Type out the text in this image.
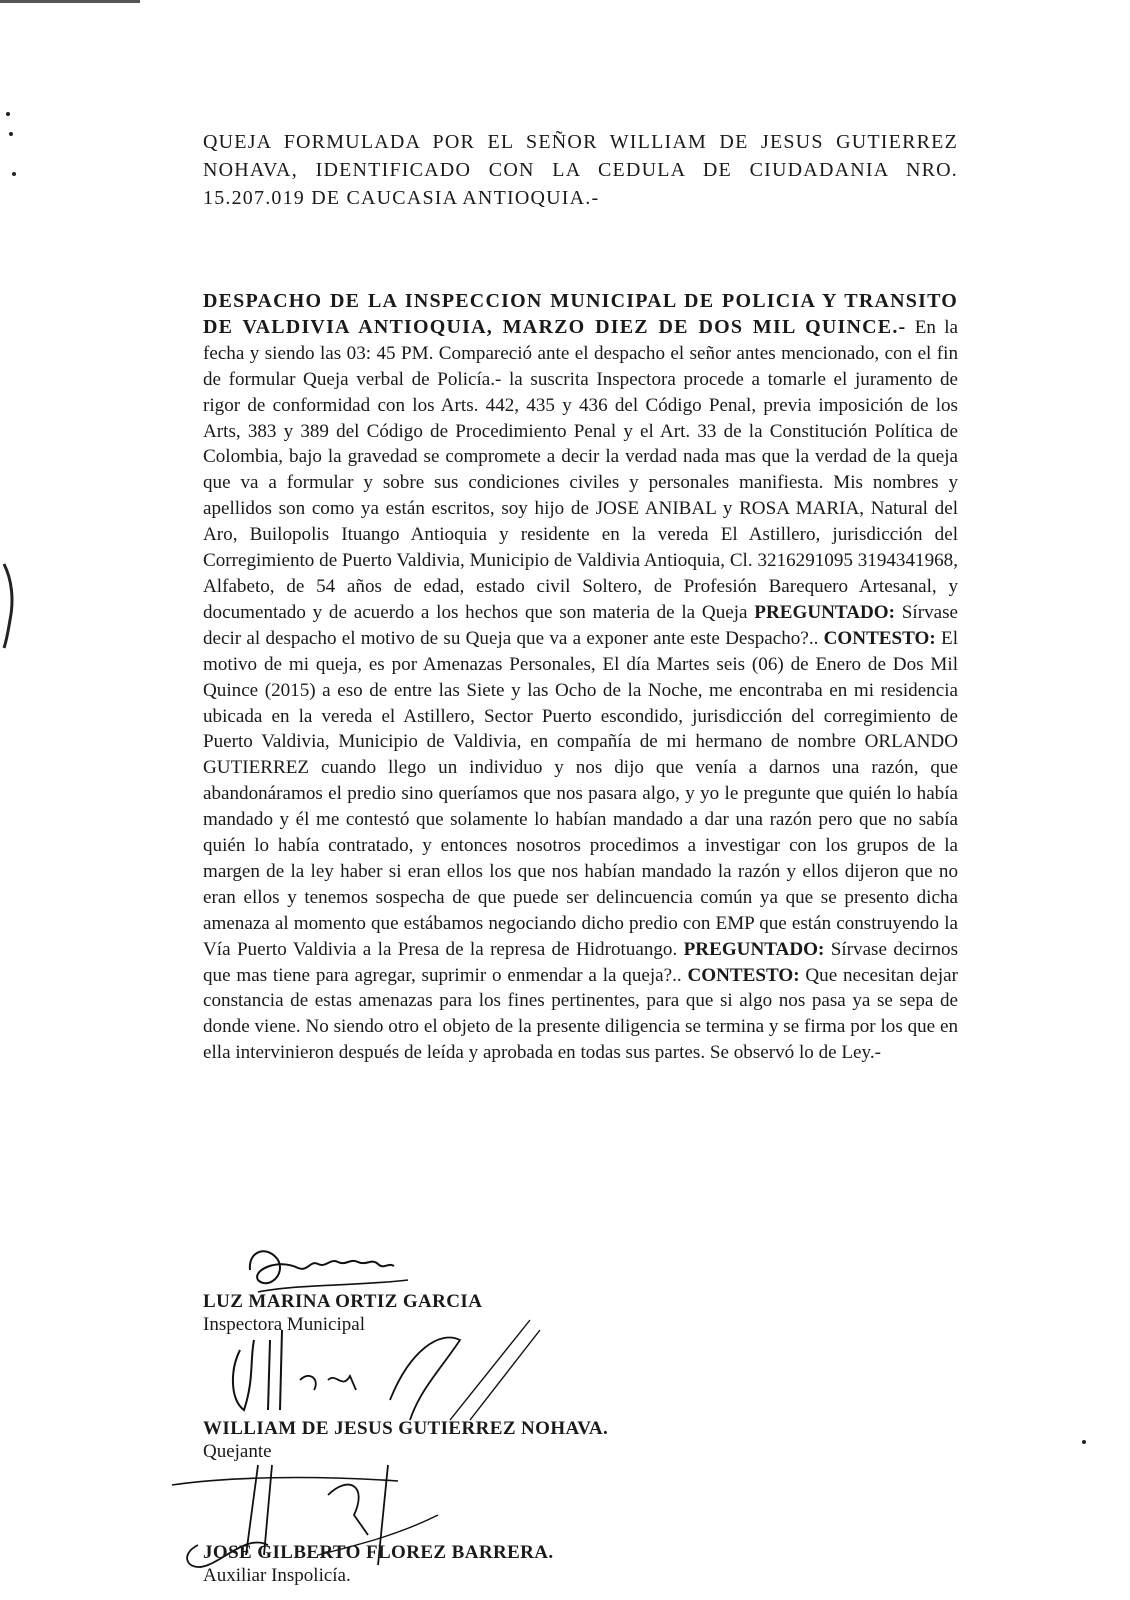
QUEJA FORMULADA POR EL SEÑOR WILLIAM DE JESUS GUTIERREZ NOHAVA, IDENTIFICADO CON LA CEDULA DE CIUDADANIA NRO. 15.207.019 DE CAUCASIA ANTIOQUIA.-

DESPACHO DE LA INSPECCION MUNICIPAL DE POLICIA Y TRANSITO DE VALDIVIA ANTIOQUIA, MARZO DIEZ DE DOS MIL QUINCE.- En la fecha y siendo las 03: 45 PM. Compareció ante el despacho el señor antes mencionado, con el fin de formular Queja verbal de Policía.- la suscrita Inspectora procede a tomarle el juramento de rigor de conformidad con los Arts. 442, 435 y 436 del Código Penal, previa imposición de los Arts, 383 y 389 del Código de Procedimiento Penal y el Art. 33 de la Constitución Política de Colombia, bajo la gravedad se compromete a decir la verdad nada mas que la verdad de la queja que va a formular y sobre sus condiciones civiles y personales manifiesta. Mis nombres y apellidos son como ya están escritos, soy hijo de JOSE ANIBAL y ROSA MARIA, Natural del Aro, Builopolis Ituango Antioquia y residente en la vereda El Astillero, jurisdicción del Corregimiento de Puerto Valdivia, Municipio de Valdivia Antioquia, Cl. 3216291095 3194341968, Alfabeto, de 54 años de edad, estado civil Soltero, de Profesión Barequero Artesanal, y documentado y de acuerdo a los hechos que son materia de la Queja PREGUNTADO: Sírvase decir al despacho el motivo de su Queja que va a exponer ante este Despacho?.. CONTESTO: El motivo de mi queja, es por Amenazas Personales, El día Martes seis (06) de Enero de Dos Mil Quince (2015) a eso de entre las Siete y las Ocho de la Noche, me encontraba en mi residencia ubicada en la vereda el Astillero, Sector Puerto escondido, jurisdicción del corregimiento de Puerto Valdivia, Municipio de Valdivia, en compañía de mi hermano de nombre ORLANDO GUTIERREZ cuando llego un individuo y nos dijo que venía a darnos una razón, que abandonáramos el predio sino queríamos que nos pasara algo, y yo le pregunte que quién lo había mandado y él me contestó que solamente lo habían mandado a dar una razón pero que no sabía quién lo había contratado, y entonces nosotros procedimos a investigar con los grupos de la margen de la ley haber si eran ellos los que nos habían mandado la razón y ellos dijeron que no eran ellos y tenemos sospecha de que puede ser delincuencia común ya que se presento dicha amenaza al momento que estábamos negociando dicho predio con EMP que están construyendo la Vía Puerto Valdivia a la Presa de la represa de Hidrotuango. PREGUNTADO: Sírvase decirnos que mas tiene para agregar, suprimir o enmendar a la queja?.. CONTESTO: Que necesitan dejar constancia de estas amenazas para los fines pertinentes, para que si algo nos pasa ya se sepa de donde viene. No siendo otro el objeto de la presente diligencia se termina y se firma por los que en ella intervinieron después de leída y aprobada en todas sus partes. Se observó lo de Ley.-

LUZ MARINA ORTIZ GARCIA

Inspectora Municipal

WILLIAM DE JESUS GUTIERREZ NOHAVA.

Quejante

JOSE GILBERTO FLOREZ BARRERA.

Auxiliar Inspolicía.
